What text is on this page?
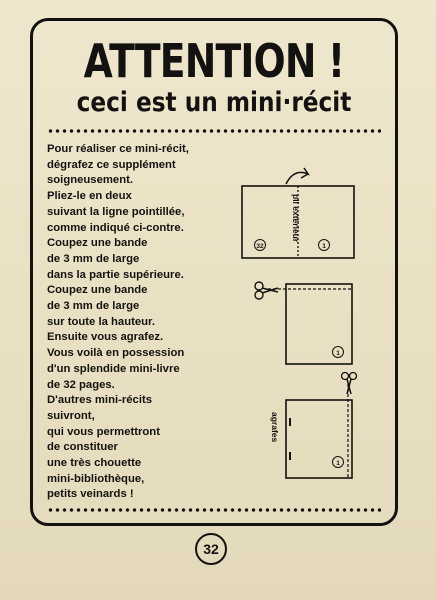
ATTENTION !
ceci est un mini·récit
Pour réaliser ce mini-récit,
dégrafez ce supplément
soigneusement.
Pliez-le en deux
suivant la ligne pointillée,
comme indiqué ci-contre.
Coupez une bande
de 3 mm de large
dans la partie supérieure.
Coupez une bande
de 3 mm de large
sur toute la hauteur.
Ensuite vous agrafez.
Vous voilà en possession
d'un splendide mini-livre
de 32 pages.
D'autres mini-récits
suivront,
qui vous permettront
de constituer
une très chouette
mini-bibliothèque,
petits veinards !
pli extérieur
32	1
1
agrafes
1
32
